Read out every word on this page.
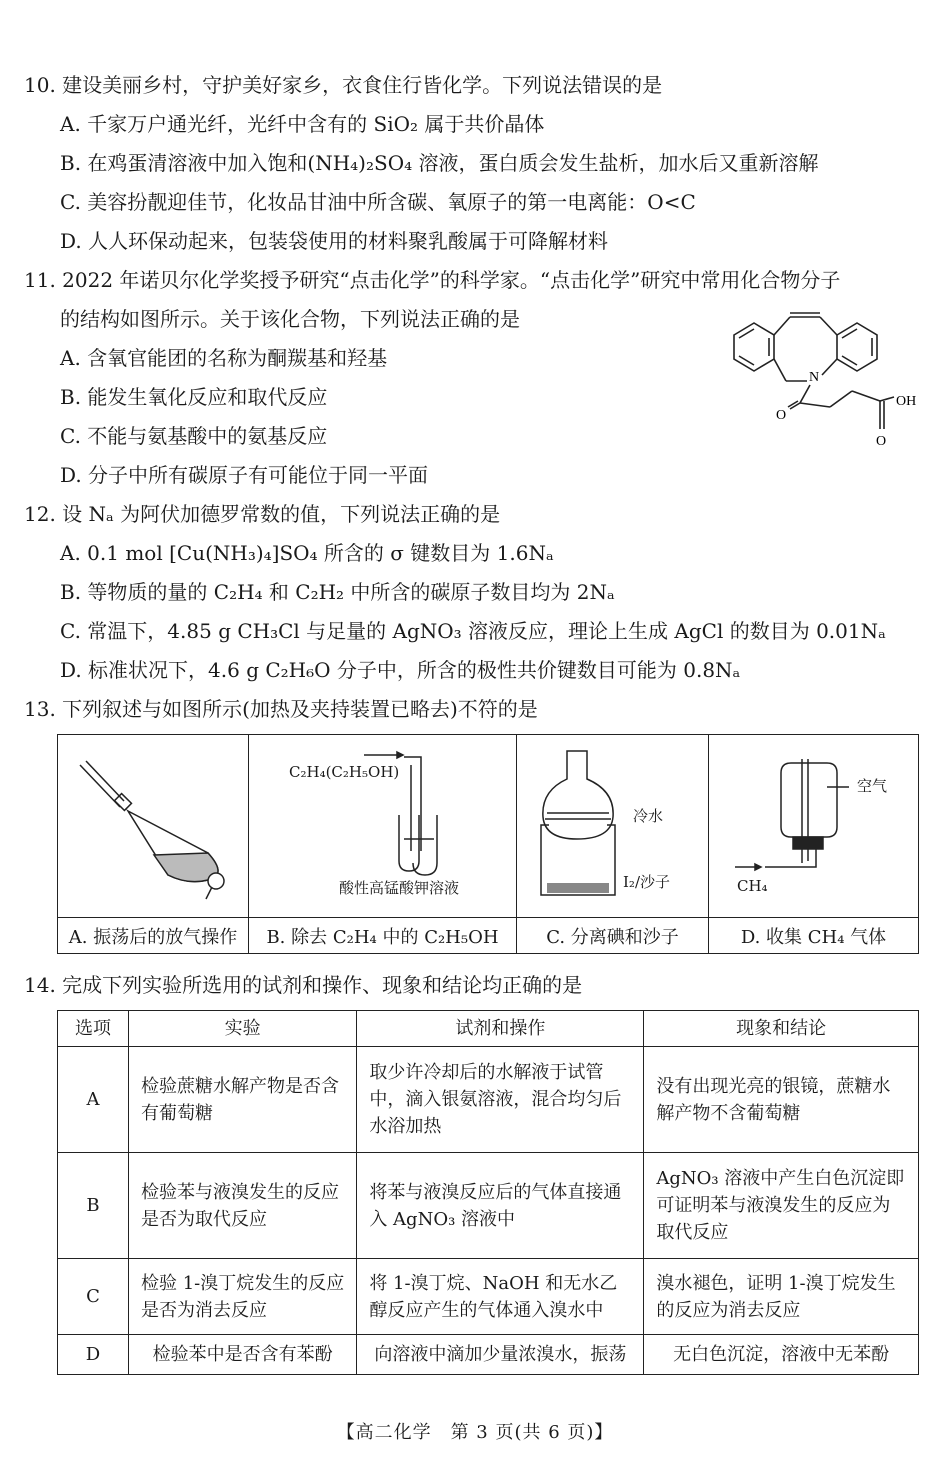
10. 建设美丽乡村，守护美好家乡，衣食住行皆化学。下列说法错误的是
A. 千家万户通光纤，光纤中含有的 SiO₂ 属于共价晶体
B. 在鸡蛋清溶液中加入饱和(NH₄)₂SO₄ 溶液，蛋白质会发生盐析，加水后又重新溶解
C. 美容扮靓迎佳节，化妆品甘油中所含碳、氧原子的第一电离能：O<C
D. 人人环保动起来，包装袋使用的材料聚乳酸属于可降解材料
11. 2022 年诺贝尔化学奖授予研究“点击化学”的科学家。“点击化学”研究中常用化合物分子
的结构如图所示。关于该化合物，下列说法正确的是
A. 含氧官能团的名称为酮羰基和羟基
B. 能发生氧化反应和取代反应
C. 不能与氨基酸中的氨基反应
D. 分子中所有碳原子有可能位于同一平面
N
O
OH
O
12. 设 Nₐ 为阿伏加德罗常数的值，下列说法正确的是
A. 0.1 mol [Cu(NH₃)₄]SO₄ 所含的 σ 键数目为 1.6Nₐ
B. 等物质的量的 C₂H₄ 和 C₂H₂ 中所含的碳原子数目均为 2Nₐ
C. 常温下，4.85 g CH₃Cl 与足量的 AgNO₃ 溶液反应，理论上生成 AgCl 的数目为 0.01Nₐ
D. 标准状况下，4.6 g C₂H₆O 分子中，所含的极性共价键数目可能为 0.8Nₐ
13. 下列叙述与如图所示(加热及夹持装置已略去)不符的是
C₂H₄(C₂H₅OH)
酸性高锰酸钾溶液
冷水
I₂/沙子
空气
CH₄
A. 振荡后的放气操作	B. 除去 C₂H₄ 中的 C₂H₅OH	C. 分离碘和沙子	D. 收集 CH₄ 气体
14. 完成下列实验所选用的试剂和操作、现象和结论均正确的是
选项	实验	试剂和操作	现象和结论
A	检验蔗糖水解产物是否含有葡萄糖	取少许冷却后的水解液于试管中，滴入银氨溶液，混合均匀后水浴加热	没有出现光亮的银镜，蔗糖水解产物不含葡萄糖
B	检验苯与液溴发生的反应是否为取代反应	将苯与液溴反应后的气体直接通入 AgNO₃ 溶液中	AgNO₃ 溶液中产生白色沉淀即可证明苯与液溴发生的反应为取代反应
C	检验 1-溴丁烷发生的反应是否为消去反应	将 1-溴丁烷、NaOH 和无水乙醇反应产生的气体通入溴水中	溴水褪色，证明 1-溴丁烷发生的反应为消去反应
D	检验苯中是否含有苯酚	向溶液中滴加少量浓溴水，振荡	无白色沉淀，溶液中无苯酚
【高二化学　第 3 页(共 6 页)】
